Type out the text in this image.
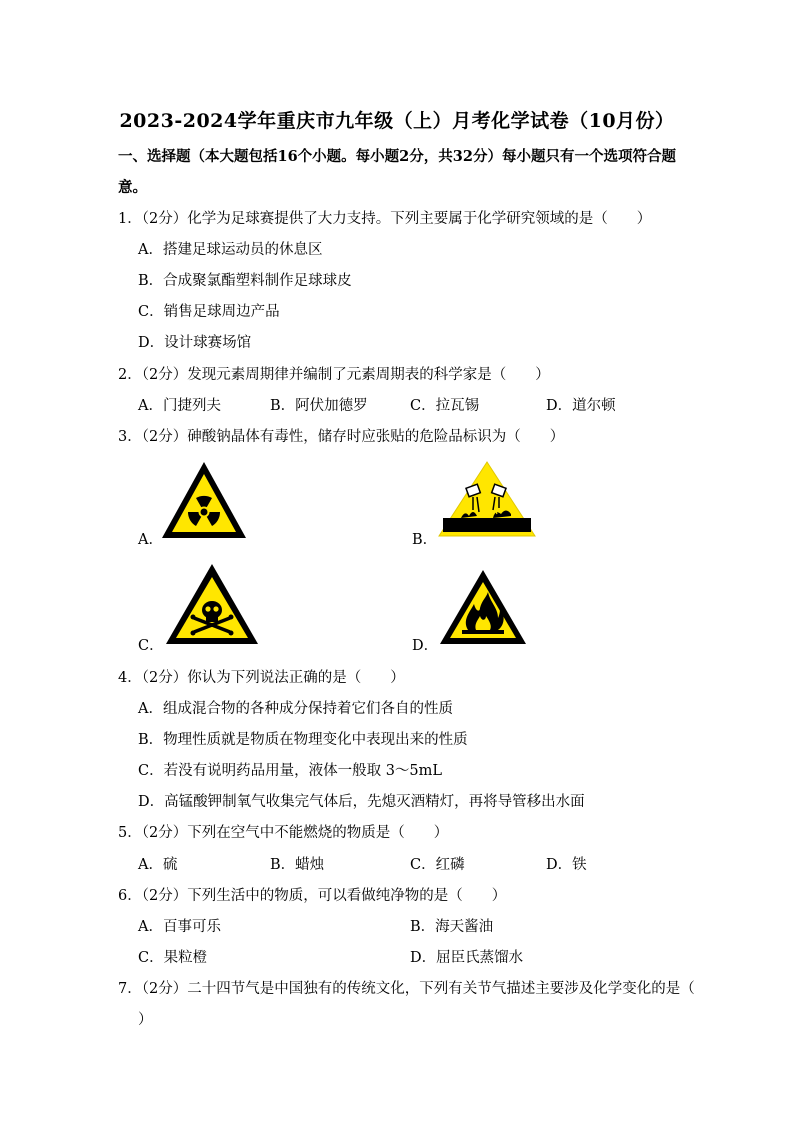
2023-2024学年重庆市九年级（上）月考化学试卷（10月份）
一、选择题（本大题包括16个小题。每小题2分，共32分）每小题只有一个选项符合题
意。
1．（2分）化学为足球赛提供了大力支持。下列主要属于化学研究领域的是（　　）
A．搭建足球运动员的休息区
B．合成聚氯酯塑料制作足球球皮
C．销售足球周边产品
D．设计球赛场馆
2．（2分）发现元素周期律并编制了元素周期表的科学家是（　　）
A．门捷列夫	B．阿伏加德罗	C．拉瓦锡	D．道尔顿
3．（2分）砷酸钠晶体有毒性，储存时应张贴的危险品标识为（　　）
A．	B．
C．	D．
4．（2分）你认为下列说法正确的是（　　）
A．组成混合物的各种成分保持着它们各自的性质
B．物理性质就是物质在物理变化中表现出来的性质
C．若没有说明药品用量，液体一般取 3～5mL
D．高锰酸钾制氧气收集完气体后，先熄灭酒精灯，再将导管移出水面
5．（2分）下列在空气中不能燃烧的物质是（　　）
A．硫	B．蜡烛	C．红磷	D．铁
6．（2分）下列生活中的物质，可以看做纯净物的是（　　）
A．百事可乐	B．海天酱油
C．果粒橙	D．屈臣氏蒸馏水
7．（2分）二十四节气是中国独有的传统文化，下列有关节气描述主要涉及化学变化的是（
）
